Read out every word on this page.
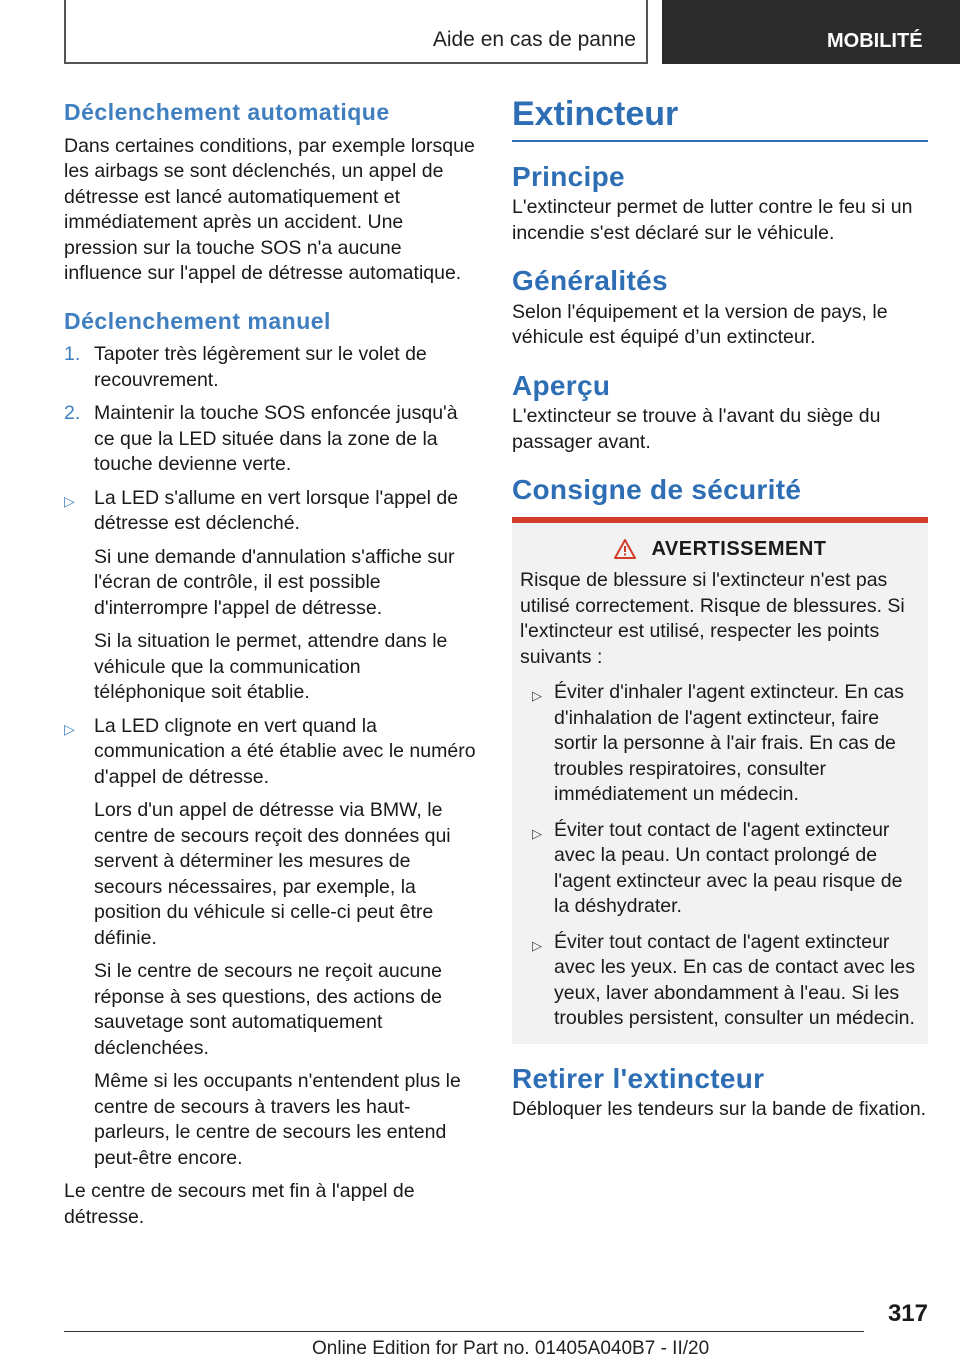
Aide en cas de panne	MOBILITÉ
Déclenchement automatique

Dans certaines conditions, par exemple lorsque les airbags se sont déclenchés, un appel de détresse est lancé automatiquement et immédiatement après un accident. Une pression sur la touche SOS n'a aucune influence sur l'appel de détresse automatique.

Déclenchement manuel
1. Tapoter très légèrement sur le volet de recouvrement.
2. Maintenir la touche SOS enfoncée jusqu'à ce que la LED située dans la zone de la touche devienne verte.
▷ La LED s'allume en vert lorsque l'appel de détresse est déclenché.

Si une demande d'annulation s'affiche sur l'écran de contrôle, il est possible d'interrompre l'appel de détresse.

Si la situation le permet, attendre dans le véhicule que la communication téléphonique soit établie.

▷ La LED clignote en vert quand la communication a été établie avec le numéro d'appel de détresse.

Lors d'un appel de détresse via BMW, le centre de secours reçoit des données qui servent à déterminer les mesures de secours nécessaires, par exemple, la position du véhicule si celle-ci peut être définie.

Si le centre de secours ne reçoit aucune réponse à ses questions, des actions de sauvetage sont automatiquement déclenchées.

Même si les occupants n'entendent plus le centre de secours à travers les haut-parleurs, le centre de secours les entend peut-être encore.

Le centre de secours met fin à l'appel de détresse.

Extincteur
Principe

L'extincteur permet de lutter contre le feu si un incendie s'est déclaré sur le véhicule.

Généralités

Selon l'équipement et la version de pays, le véhicule est équipé d’un extincteur.

Aperçu

L'extincteur se trouve à l'avant du siège du passager avant.

Consigne de sécurité
AVERTISSEMENT

Risque de blessure si l'extincteur n'est pas utilisé correctement. Risque de blessures. Si l'extincteur est utilisé, respecter les points suivants :

▷ Éviter d'inhaler l'agent extincteur. En cas d'inhalation de l'agent extincteur, faire sortir la personne à l'air frais. En cas de troubles respiratoires, consulter immédiatement un médecin.
▷ Éviter tout contact de l'agent extincteur avec la peau. Un contact prolongé de l'agent extincteur avec la peau risque de la déshydrater.
▷ Éviter tout contact de l'agent extincteur avec les yeux. En cas de contact avec les yeux, laver abondamment à l'eau. Si les troubles persistent, consulter un médecin.
Retirer l'extincteur

Débloquer les tendeurs sur la bande de fixation.

317
Online Edition for Part no. 01405A040B7 - II/20
